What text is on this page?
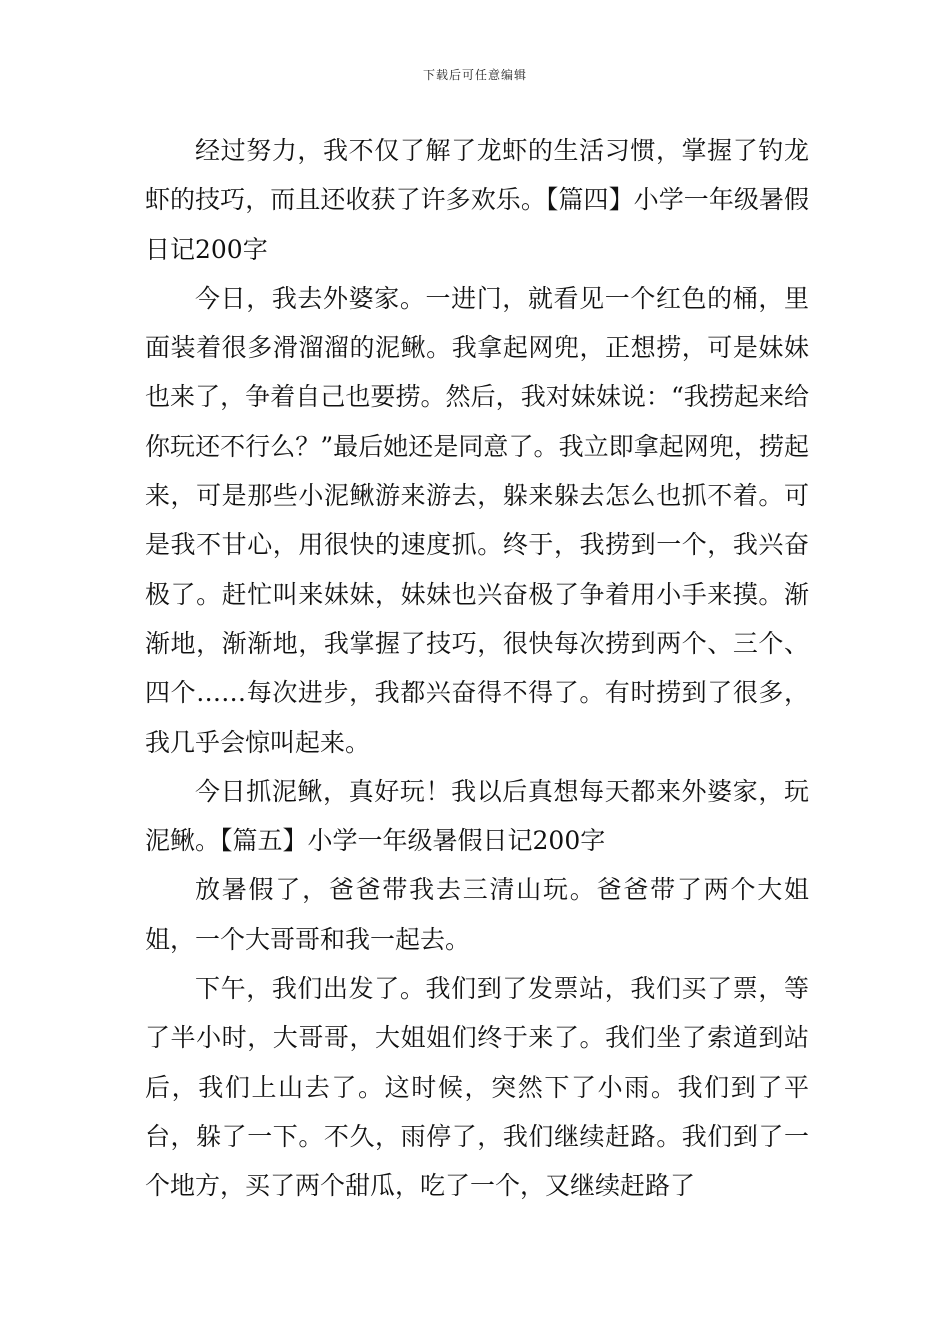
下载后可任意编辑

经过努力，我不仅了解了龙虾的生活习惯，掌握了钓龙虾的技巧，而且还收获了许多欢乐。【篇四】小学一年级暑假日记200字

今日，我去外婆家。一进门，就看见一个红色的桶，里面装着很多滑溜溜的泥鳅。我拿起网兜，正想捞，可是妹妹也来了，争着自己也要捞。然后，我对妹妹说：“我捞起来给你玩还不行么？”最后她还是同意了。我立即拿起网兜，捞起来，可是那些小泥鳅游来游去，躲来躲去怎么也抓不着。可是我不甘心，用很快的速度抓。终于，我捞到一个，我兴奋极了。赶忙叫来妹妹，妹妹也兴奋极了争着用小手来摸。渐渐地，渐渐地，我掌握了技巧，很快每次捞到两个、三个、四个……每次进步，我都兴奋得不得了。有时捞到了很多，我几乎会惊叫起来。

今日抓泥鳅，真好玩！我以后真想每天都来外婆家，玩泥鳅。【篇五】小学一年级暑假日记200字

放暑假了，爸爸带我去三清山玩。爸爸带了两个大姐姐，一个大哥哥和我一起去。

下午，我们出发了。我们到了发票站，我们买了票，等了半小时，大哥哥，大姐姐们终于来了。我们坐了索道到站后，我们上山去了。这时候，突然下了小雨。我们到了平台，躲了一下。不久，雨停了，我们继续赶路。我们到了一个地方，买了两个甜瓜，吃了一个，又继续赶路了
